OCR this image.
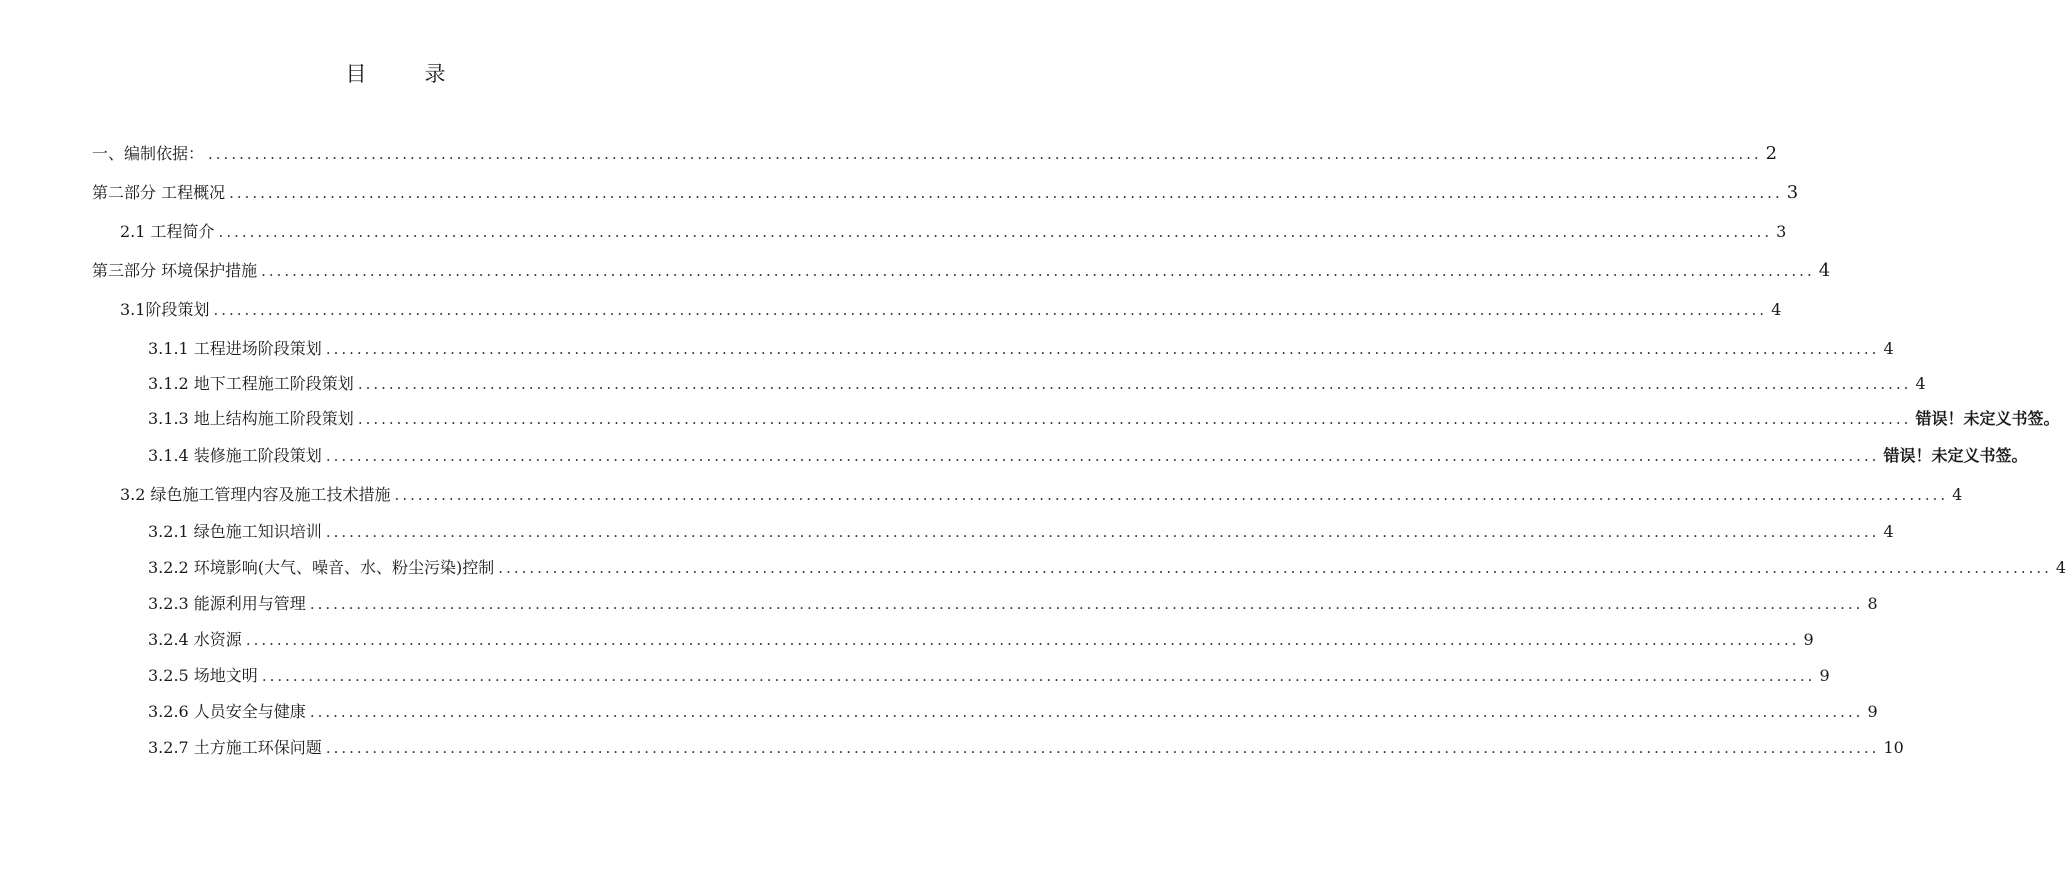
目	录
一、编制依据： ........................................................................................................................................................................................................ 2
第二部分 工程概况 ........................................................................................................................................................................................................ 3
2.1 工程简介 ........................................................................................................................................................................................................ 3
第三部分 环境保护措施 ........................................................................................................................................................................................................ 4
3.1阶段策划 ........................................................................................................................................................................................................ 4
3.1.1 工程进场阶段策划 ........................................................................................................................................................................................................ 4
3.1.2 地下工程施工阶段策划 ........................................................................................................................................................................................................ 4
3.1.3 地上结构施工阶段策划 ........................................................................................................................................................................................................ 错误！未定义书签。
3.1.4 装修施工阶段策划 ........................................................................................................................................................................................................ 错误！未定义书签。
3.2 绿色施工管理内容及施工技术措施 ........................................................................................................................................................................................................ 4
3.2.1 绿色施工知识培训 ........................................................................................................................................................................................................ 4
3.2.2 环境影响(大气、噪音、水、粉尘污染)控制 ........................................................................................................................................................................................................ 4
3.2.3 能源利用与管理 ........................................................................................................................................................................................................ 8
3.2.4 水资源 ........................................................................................................................................................................................................ 9
3.2.5 场地文明 ........................................................................................................................................................................................................ 9
3.2.6 人员安全与健康 ........................................................................................................................................................................................................ 9
3.2.7 土方施工环保问题 ........................................................................................................................................................................................................ 10
